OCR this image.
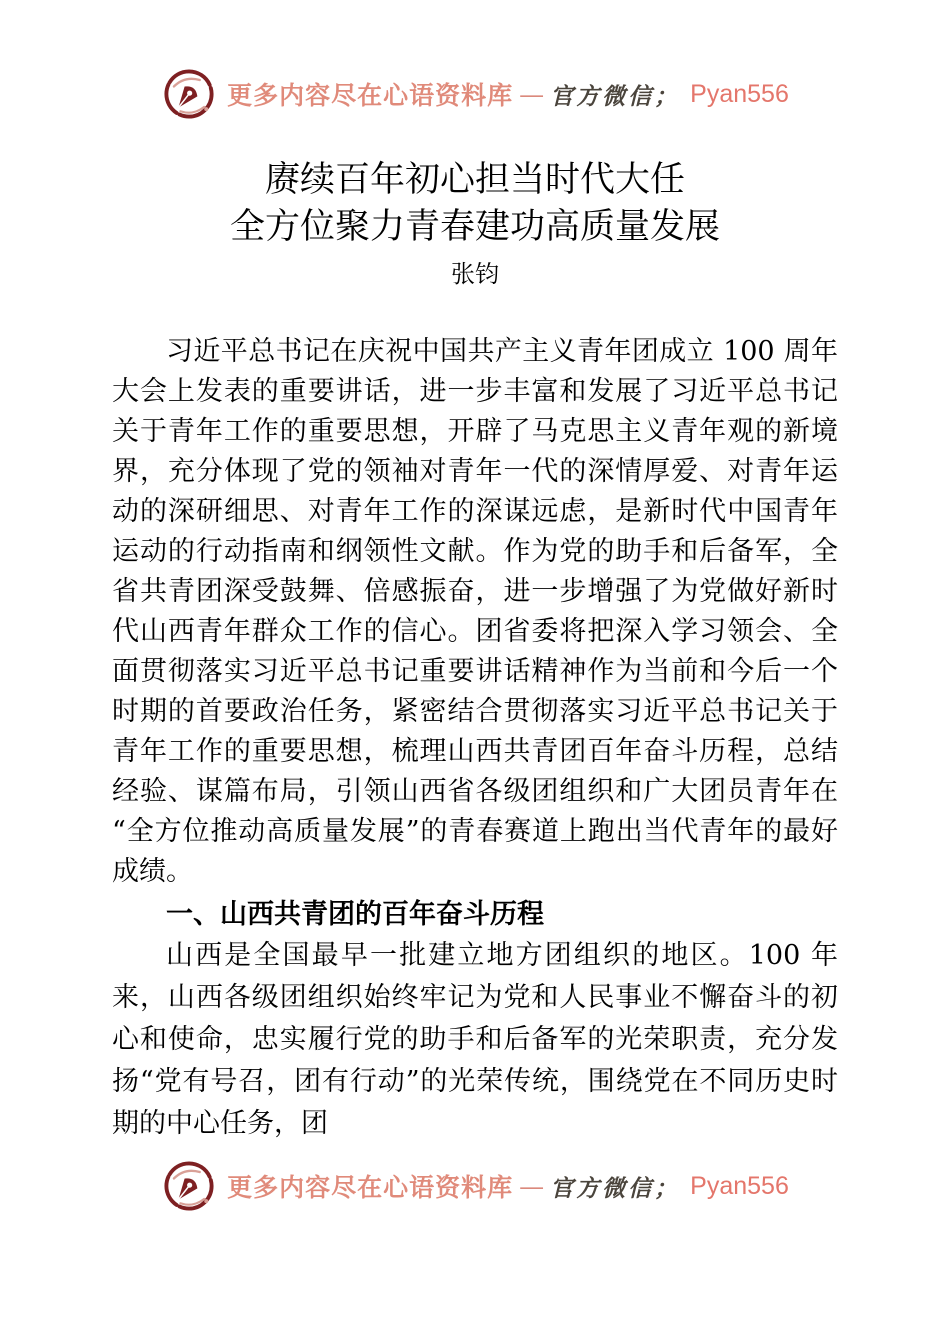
更多内容尽在心语资料库 — 官方微信； Pyan556
赓续百年初心担当时代大任
全方位聚力青春建功高质量发展
张钧

习近平总书记在庆祝中国共产主义青年团成立 100 周年大会上发表的重要讲话，进一步丰富和发展了习近平总书记关于青年工作的重要思想，开辟了马克思主义青年观的新境界，充分体现了党的领袖对青年一代的深情厚爱、对青年运动的深研细思、对青年工作的深谋远虑，是新时代中国青年运动的行动指南和纲领性文献。作为党的助手和后备军，全省共青团深受鼓舞、倍感振奋，进一步增强了为党做好新时代山西青年群众工作的信心。团省委将把深入学习领会、全面贯彻落实习近平总书记重要讲话精神作为当前和今后一个时期的首要政治任务，紧密结合贯彻落实习近平总书记关于青年工作的重要思想，梳理山西共青团百年奋斗历程，总结经验、谋篇布局，引领山西省各级团组织和广大团员青年在“全方位推动高质量发展”的青春赛道上跑出当代青年的最好成绩。

一、山西共青团的百年奋斗历程

山西是全国最早一批建立地方团组织的地区。100 年来，山西各级团组织始终牢记为党和人民事业不懈奋斗的初心和使命，忠实履行党的助手和后备军的光荣职责，充分发扬“党有号召，团有行动”的光荣传统，围绕党在不同历史时期的中心任务，团

更多内容尽在心语资料库 — 官方微信； Pyan556
